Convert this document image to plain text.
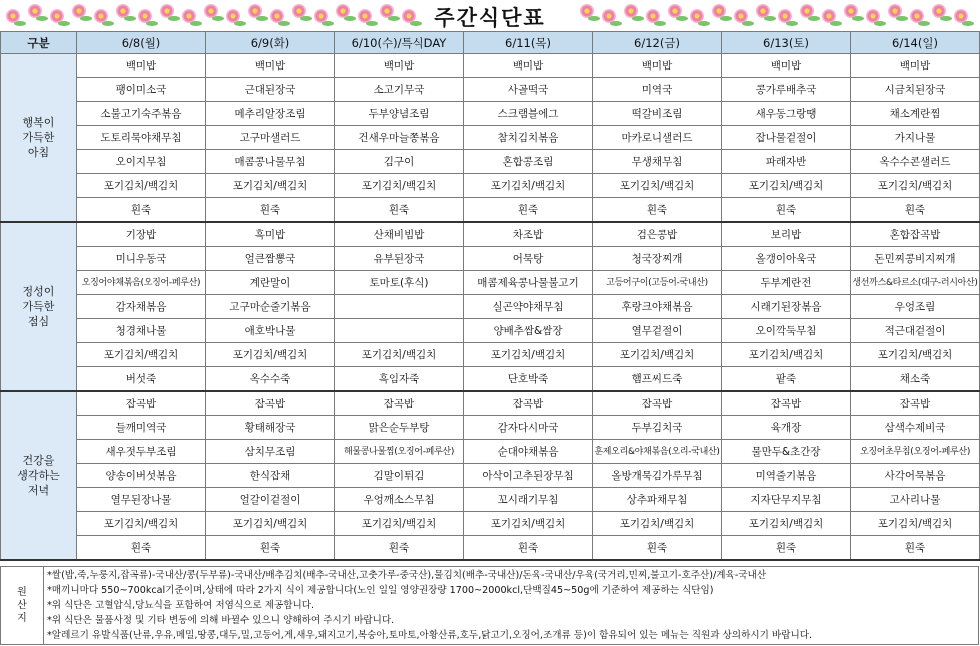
주간식단표
구분	6/8(월)	6/9(화)	6/10(수)/특식DAY	6/11(목)	6/12(금)	6/13(토)	6/14(일)
행복이
가득한
아침	백미밥	백미밥	백미밥	백미밥	백미밥	백미밥	백미밥
	팽이미소국	근대된장국	소고기무국	사골떡국	미역국	콩가루배추국	시금치된장국
	소불고기숙주볶음	메추리알장조림	두부양념조림	스크램블에그	떡갈비조림	새우동그랑땡	채소계란찜
	도토리묵야채무침	고구마샐러드	건새우마늘쫑볶음	참치김치볶음	마카로니샐러드	잡나물겉절이	가지나물
	오이지무침	매콤콩나물무침	김구이	혼합콩조림	무생채무침	파래자반	옥수수콘샐러드
	포기김치/백김치	포기김치/백김치	포기김치/백김치	포기김치/백김치	포기김치/백김치	포기김치/백김치	포기김치/백김치
	흰죽	흰죽	흰죽	흰죽	흰죽	흰죽	흰죽
정성이
가득한
점심	기장밥	흑미밥	산채비빔밥	차조밥	검은콩밥	보리밥	혼합잡곡밥
	미니우동국	얼큰짬뽕국	유부된장국	어묵탕	청국장찌개	올갱이아욱국	돈민찌콩비지찌개
	오징어야채볶음(오징어-페루산)	계란말이	토마토(후식)	매콤제육콩나물불고기	고등어구이(고등어-국내산)	두부계란전	생선까스&타르소(대구-러시아산)
	감자채볶음	고구마순줄기볶음		실곤약야채무침	후랑크야채볶음	시래기된장볶음	우엉조림
	청경채나물	애호박나물		양배추쌈&쌈장	열무겉절이	오이깍둑무침	적근대겉절이
	포기김치/백김치	포기김치/백김치	포기김치/백김치	포기김치/백김치	포기김치/백김치	포기김치/백김치	포기김치/백김치
	버섯죽	옥수수죽	흑임자죽	단호박죽	햄프씨드죽	팥죽	채소죽
건강을
생각하는
저녁	잡곡밥	잡곡밥	잡곡밥	잡곡밥	잡곡밥	잡곡밥	잡곡밥
	들깨미역국	황태해장국	맑은순두부탕	감자다시마국	두부김치국	육개장	삼색수제비국
	새우젓두부조림	삼치무조림	해물콩나물찜(오징어-페루산)	순대야채볶음	훈제오리&야채볶음(오리-국내산)	물만두&초간장	오징어초무침(오징어-페루산)
	양송이버섯볶음	한식잡채	김말이튀김	아삭이고추된장무침	올방개묵김가루무침	미역줄기볶음	사각어묵볶음
	열무된장나물	얼갈이겉절이	우엉깨소스무침	꼬시래기무침	상추파채무침	지자단무지무침	고사리나물
	포기김치/백김치	포기김치/백김치	포기김치/백김치	포기김치/백김치	포기김치/백김치	포기김치/백김치	포기김치/백김치
	흰죽	흰죽	흰죽	흰죽	흰죽	흰죽	흰죽
원산지
*쌀(밥,죽,누룽지,잡곡류)-국내산/콩(두부류)-국내산/배추김치(배추-국내산,고춧가루-중국산),물김치(배추-국내산)/돈육-국내산/우육(국거리,민찌,불고기-호주산)/계육-국내산
*매끼니마다 550~700kcal기준이며,상태에 따라 2가지 식이 제공합니다(노인 일일 영양권장량 1700~2000kcl,단백질45~50g에 기준하여 제공하는 식단임)
*위 식단은 고혈압식,당뇨식을 포함하여 저염식으로 제공합니다.
*위 식단은 물품사정 및 기타 변동에 의해 바뀔수 있으니 양해하여 주시기 바랍니다.
*알레르기 유발식품(난류,우유,메밀,땅콩,대두,밀,고등어,게,새우,돼지고기,복숭아,토마토,아황산류,호두,닭고기,오징어,조개류 등)이 함유되어 있는 메뉴는 직원과 상의하시기 바랍니다.
